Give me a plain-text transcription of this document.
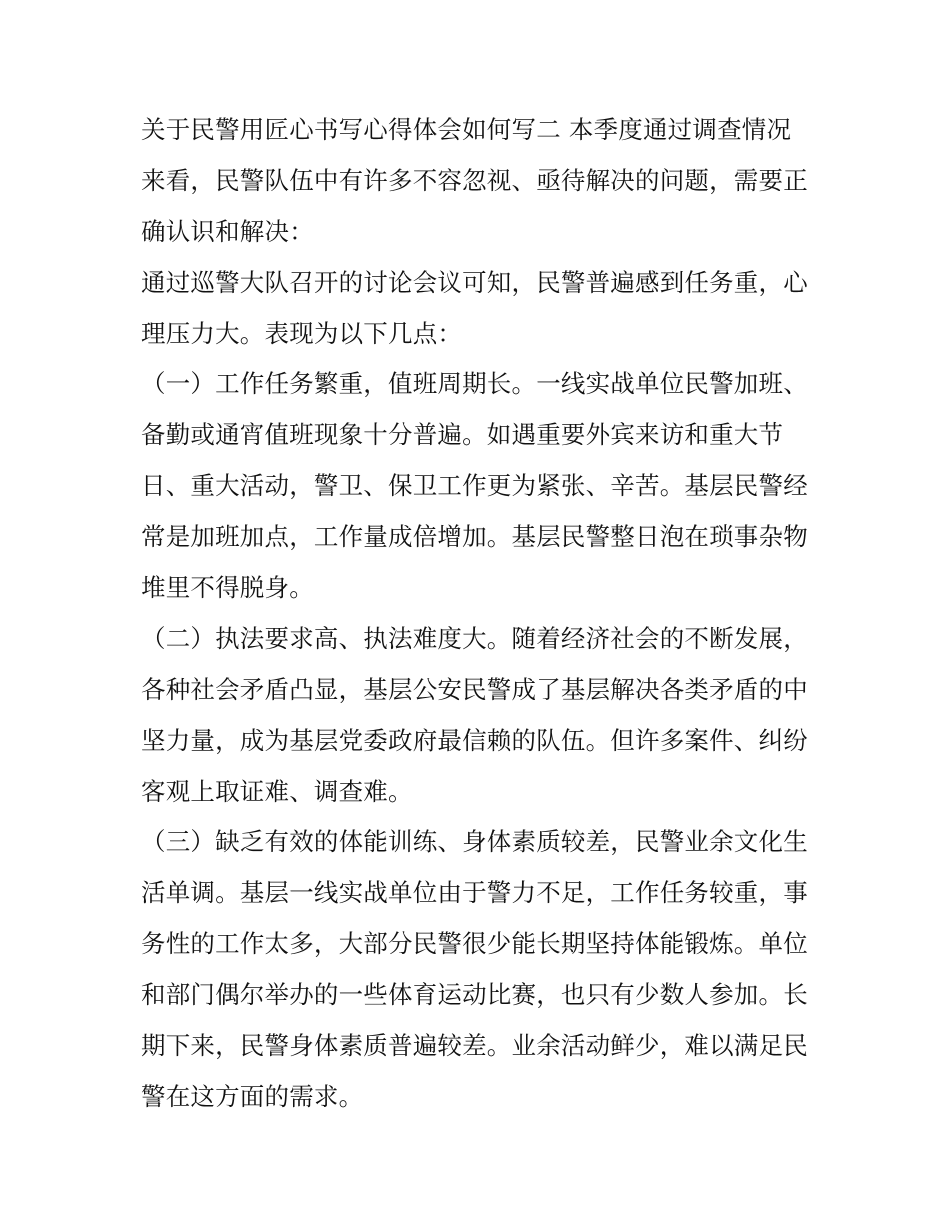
关于民警用匠心书写心得体会如何写二 本季度通过调查情况
来看，民警队伍中有许多不容忽视、亟待解决的问题，需要正
确认识和解决：
通过巡警大队召开的讨论会议可知，民警普遍感到任务重，心
理压力大。表现为以下几点：
（一）工作任务繁重，值班周期长。一线实战单位民警加班、
备勤或通宵值班现象十分普遍。如遇重要外宾来访和重大节
日、重大活动，警卫、保卫工作更为紧张、辛苦。基层民警经
常是加班加点，工作量成倍增加。基层民警整日泡在琐事杂物
堆里不得脱身。
（二）执法要求高、执法难度大。随着经济社会的不断发展，
各种社会矛盾凸显，基层公安民警成了基层解决各类矛盾的中
坚力量，成为基层党委政府最信赖的队伍。但许多案件、纠纷
客观上取证难、调查难。
（三）缺乏有效的体能训练、身体素质较差，民警业余文化生
活单调。基层一线实战单位由于警力不足，工作任务较重，事
务性的工作太多，大部分民警很少能长期坚持体能锻炼。单位
和部门偶尔举办的一些体育运动比赛，也只有少数人参加。长
期下来，民警身体素质普遍较差。业余活动鲜少，难以满足民
警在这方面的需求。
